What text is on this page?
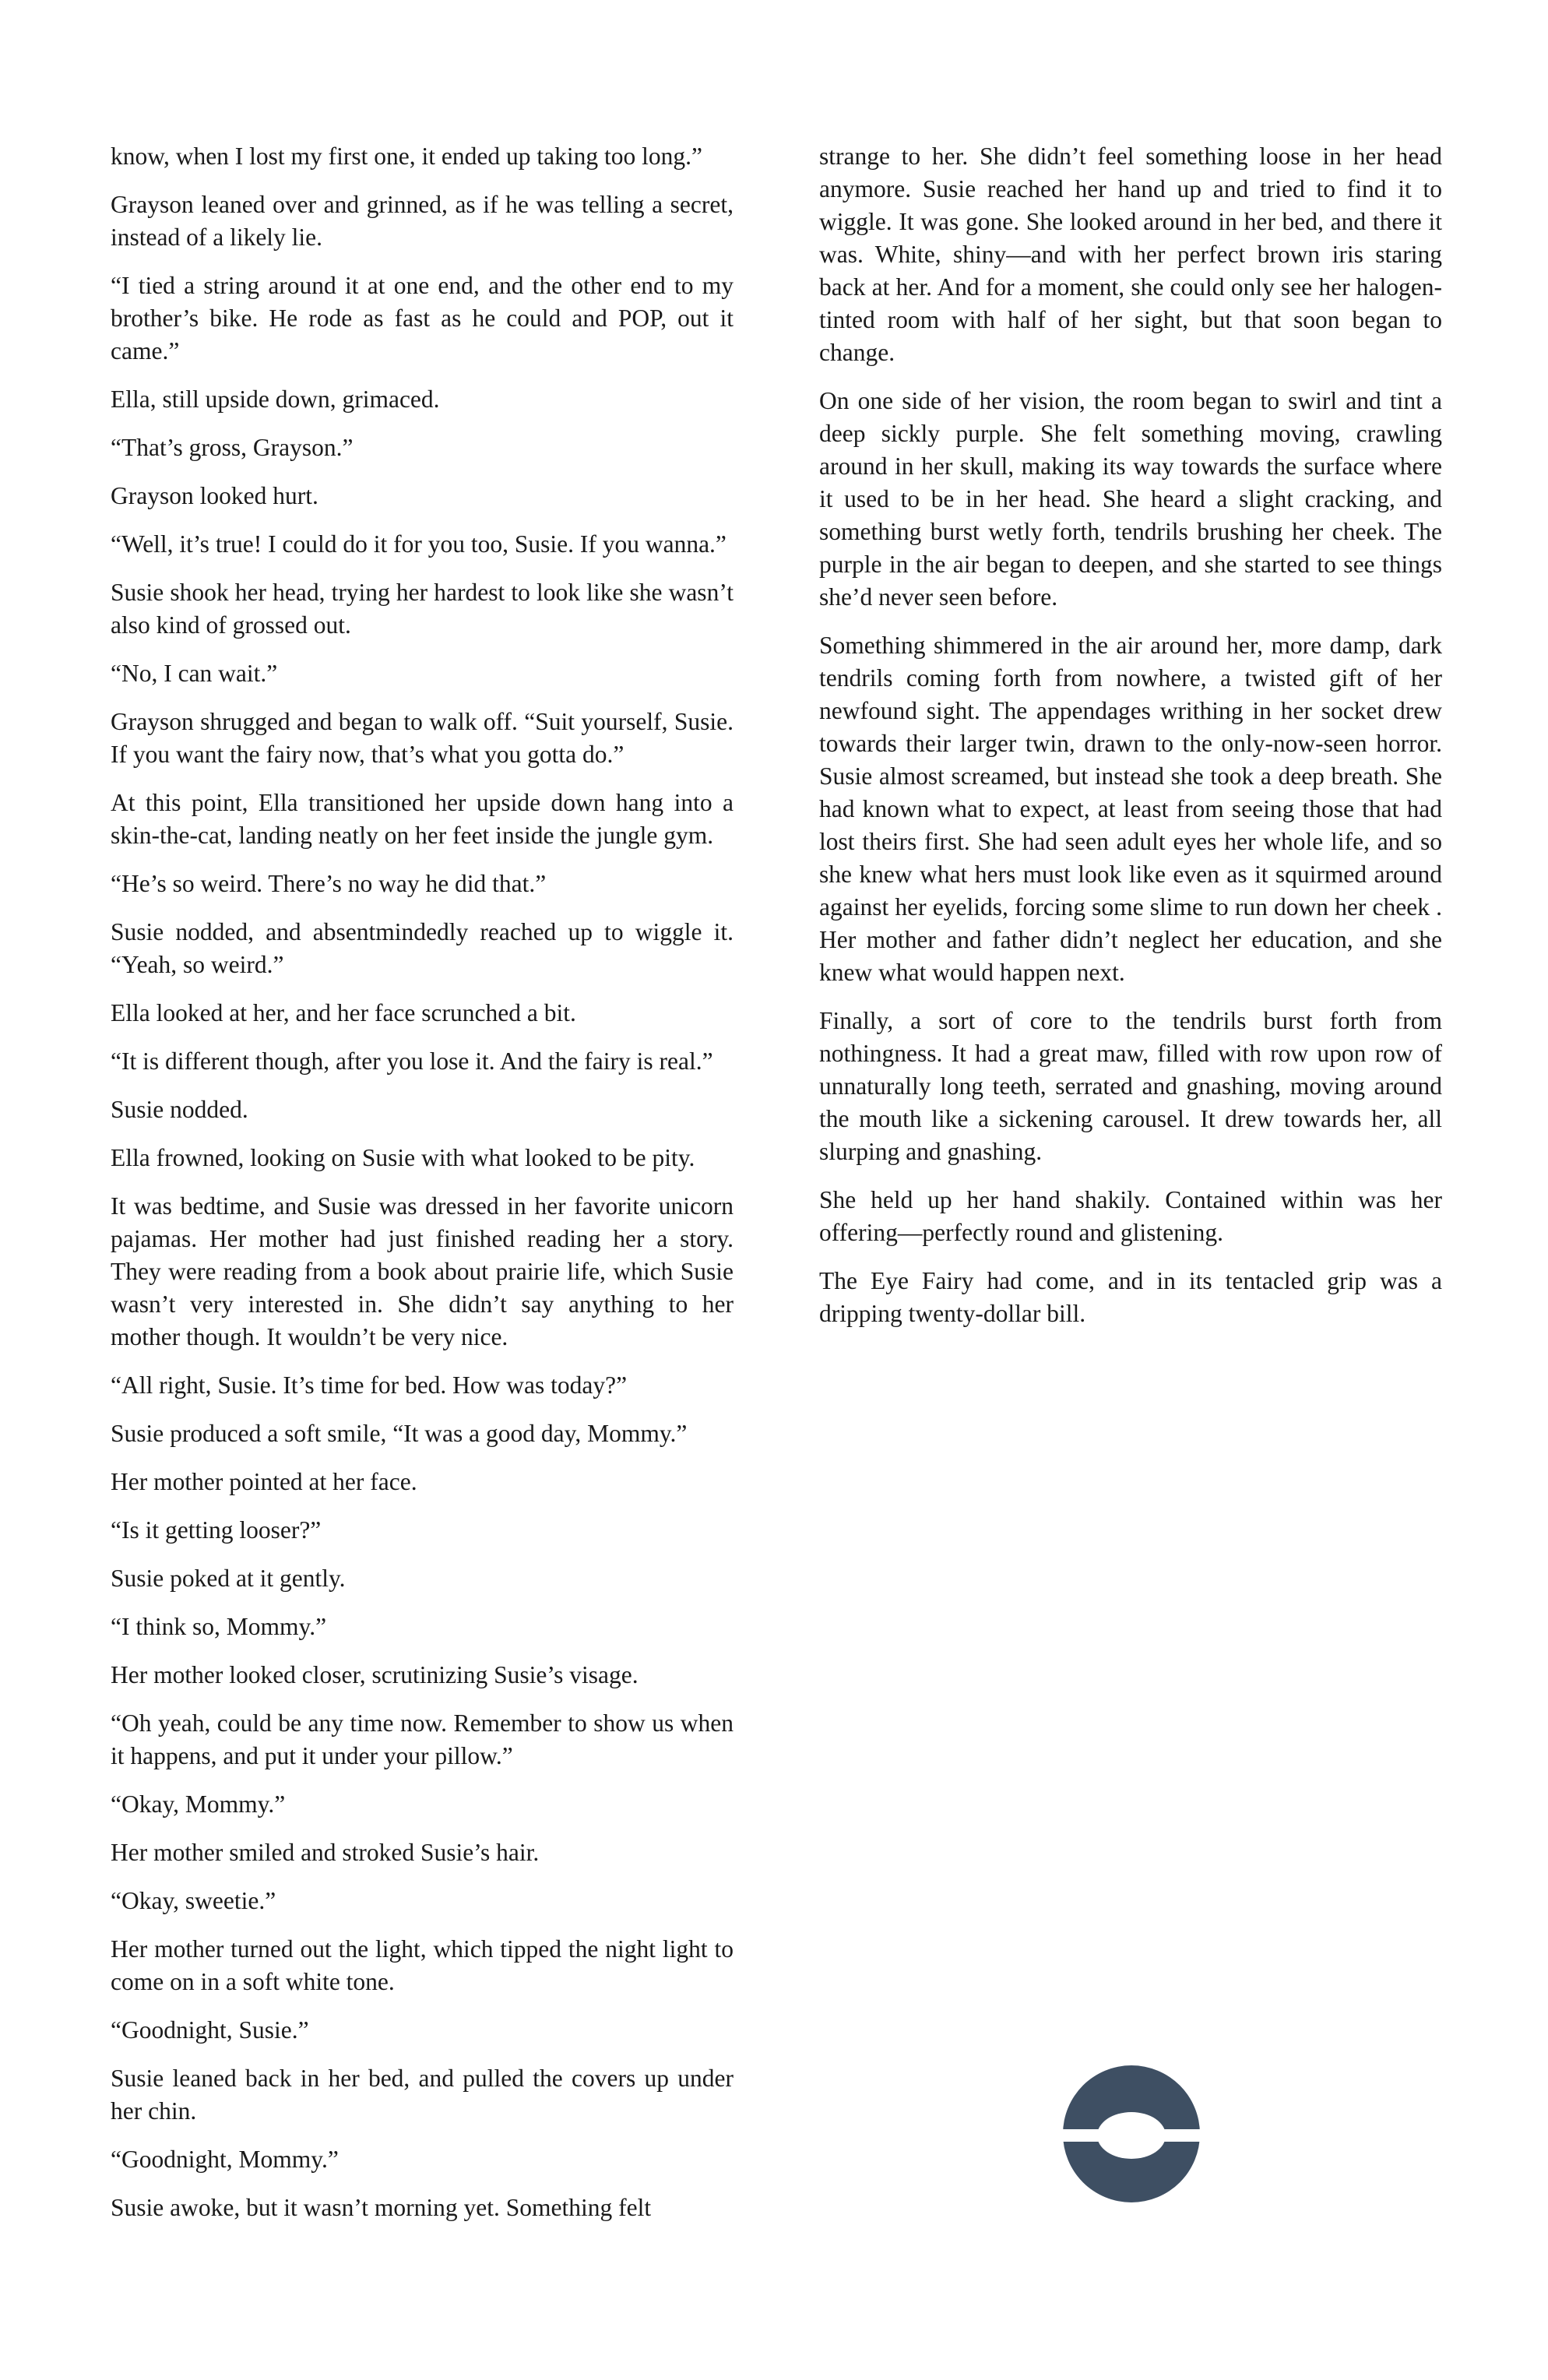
know, when I lost my first one, it ended up taking too long.”

Grayson leaned over and grinned, as if he was telling a secret, instead of a likely lie.

“I tied a string around it at one end, and the other end to my brother’s bike. He rode as fast as he could and POP, out it came.”

Ella, still upside down, grimaced.

“That’s gross, Grayson.”

Grayson looked hurt.

“Well, it’s true! I could do it for you too, Susie. If you wanna.”

Susie shook her head, trying her hardest to look like she wasn’t also kind of grossed out.

“No, I can wait.”

Grayson shrugged and began to walk off. “Suit yourself, Susie. If you want the fairy now, that’s what you gotta do.”

At this point, Ella transitioned her upside down hang into a skin-the-cat, landing neatly on her feet inside the jungle gym.

“He’s so weird. There’s no way he did that.”

Susie nodded, and absentmindedly reached up to wiggle it. “Yeah, so weird.”

Ella looked at her, and her face scrunched a bit.

“It is different though, after you lose it. And the fairy is real.”

Susie nodded.

Ella frowned, looking on Susie with what looked to be pity.

It was bedtime, and Susie was dressed in her favorite unicorn pajamas. Her mother had just finished reading her a story. They were reading from a book about prairie life, which Susie wasn’t very interested in. She didn’t say anything to her mother though. It wouldn’t be very nice.

“All right, Susie. It’s time for bed. How was today?”

Susie produced a soft smile, “It was a good day, Mommy.”

Her mother pointed at her face.

“Is it getting looser?”

Susie poked at it gently.

“I think so, Mommy.”

Her mother looked closer, scrutinizing Susie’s visage.

“Oh yeah, could be any time now. Remember to show us when it happens, and put it under your pillow.”

“Okay, Mommy.”

Her mother smiled and stroked Susie’s hair.

“Okay, sweetie.”

Her mother turned out the light, which tipped the night light to come on in a soft white tone.

“Goodnight, Susie.”

Susie leaned back in her bed, and pulled the covers up under her chin.

“Goodnight, Mommy.”

Susie awoke, but it wasn’t morning yet. Something felt

strange to her. She didn’t feel something loose in her head anymore. Susie reached her hand up and tried to find it to wiggle. It was gone. She looked around in her bed, and there it was. White, shiny—and with her perfect brown iris staring back at her. And for a moment, she could only see her halogen-tinted room with half of her sight, but that soon began to change.

On one side of her vision, the room began to swirl and tint a deep sickly purple. She felt something moving, crawling around in her skull, making its way towards the surface where it used to be in her head. She heard a slight cracking, and something burst wetly forth, tendrils brushing her cheek. The purple in the air began to deepen, and she started to see things she’d never seen before.

Something shimmered in the air around her, more damp, dark tendrils coming forth from nowhere, a twisted gift of her newfound sight. The appendages writhing in her socket drew towards their larger twin, drawn to the only-now-seen horror. Susie almost screamed, but instead she took a deep breath. She had known what to expect, at least from seeing those that had lost theirs first. She had seen adult eyes her whole life, and so she knew what hers must look like even as it squirmed around against her eyelids, forcing some slime to run down her cheek . Her mother and father didn’t neglect her education, and she knew what would happen next.

Finally, a sort of core to the tendrils burst forth from nothingness. It had a great maw, filled with row upon row of unnaturally long teeth, serrated and gnashing, moving around the mouth like a sickening carousel. It drew towards her, all slurping and gnashing.

She held up her hand shakily. Contained within was her offering—perfectly round and glistening.

The Eye Fairy had come, and in its tentacled grip was a dripping twenty-dollar bill.
